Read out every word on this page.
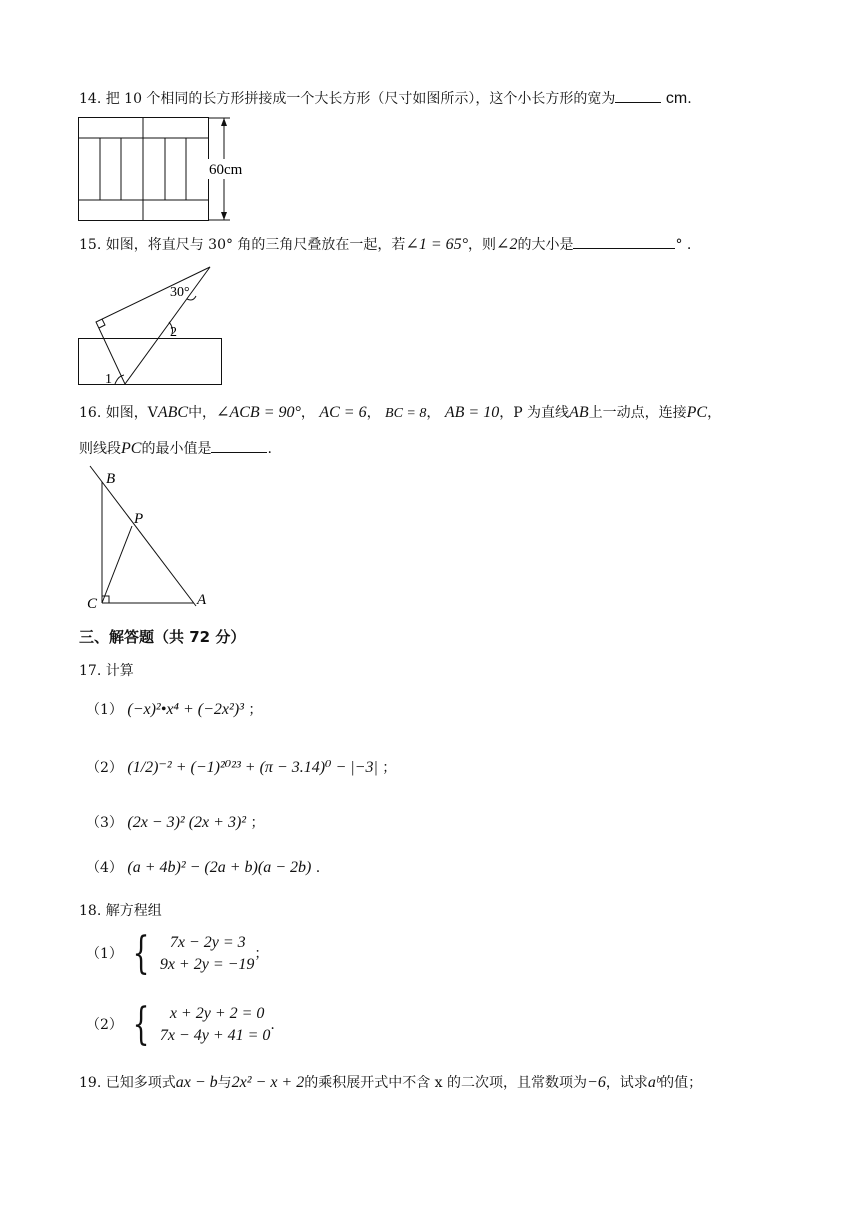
14. 把 10 个相同的长方形拼接成一个大长方形（尺寸如图所示），这个小长方形的宽为	cm.
60cm
15. 如图，将直尺与 30° 角的三角尺叠放在一起，若∠1 = 65°，则∠2的大小是	° .
30°
2
1
16. 如图，VABC中，∠ACB = 90°， AC = 6， BC = 8， AB = 10，P 为直线AB上一动点，连接PC，
则线段PC的最小值是	.
B
P
C	A
三、解答题（共 72 分）
17. 计算
（1） (−x)²•x⁴ + (−2x²)³ ；
（2） (1/2)⁻² + (−1)²⁰²³ + (π − 3.14)⁰ − |−3| ；
（3） (2x − 3)² (2x + 3)² ；
（4） (a + 4b)² − (2a + b)(a − 2b) .
18. 解方程组
（1） { 7x − 2y = 3
9x + 2y = −19；
（2） { x + 2y + 2 = 0
7x − 4y + 41 = 0.
19. 已知多项式ax − b与2x² − x + 2的乘积展开式中不含 x 的二次项，且常数项为−6，试求aᵇ的值；
